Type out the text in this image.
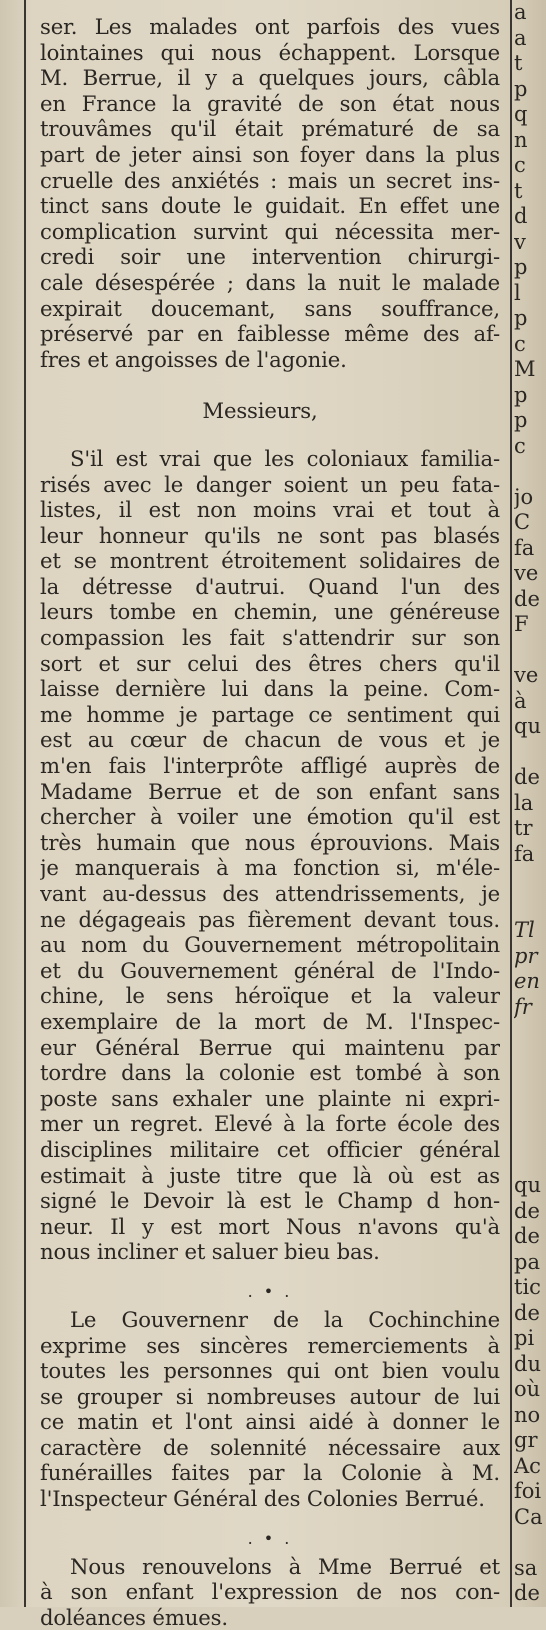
ser. Les malades ont parfois des vues
lointaines qui nous échappent. Lorsque
M. Berrue, il y a quelques jours, câbla
en France la gravité de son état nous
trouvâmes qu'il était prématuré de sa
part de jeter ainsi son foyer dans la plus
cruelle des anxiétés : mais un secret ins-
tinct sans doute le guidait. En effet une
complication survint qui nécessita mer-
credi soir une intervention chirurgi-
cale désespérée ; dans la nuit le malade
expirait doucemant, sans souffrance,
préservé par en faiblesse même des af-
fres et angoisses de l'agonie.
Messieurs,
S'il est vrai que les coloniaux familia-
risés avec le danger soient un peu fata-
listes, il est non moins vrai et tout à
leur honneur qu'ils ne sont pas blasés
et se montrent étroitement solidaires de
la détresse d'autrui. Quand l'un des
leurs tombe en chemin, une généreuse
compassion les fait s'attendrir sur son
sort et sur celui des êtres chers qu'il
laisse dernière lui dans la peine. Com-
me homme je partage ce sentiment qui
est au cœur de chacun de vous et je
m'en fais l'interprôte affligé auprès de
Madame Berrue et de son enfant sans
chercher à voiler une émotion qu'il est
très humain que nous éprouvions. Mais
je manquerais à ma fonction si, m'éle-
vant au-dessus des attendrissements, je
ne dégageais pas fièrement devant tous.
au nom du Gouvernement métropolitain
et du Gouvernement général de l'Indo-
chine, le sens héroïque et la valeur
exemplaire de la mort de M. l'Inspec-
eur Général Berrue qui maintenu par
tordre dans la colonie est tombé à son
poste sans exhaler une plainte ni expri-
mer un regret. Elevé à la forte école des
disciplines militaire cet officier général
estimait à juste titre que là où est as
signé le Devoir là est le Champ d hon-
neur. Il y est mort Nous n'avons qu'à
nous incliner et saluer bieu bas.
. • .
Le Gouvernenr de la Cochinchine
exprime ses sincères remerciements à
toutes les personnes qui ont bien voulu
se grouper si nombreuses autour de lui
ce matin et l'ont ainsi aidé à donner le
caractère de solennité nécessaire aux
funérailles faites par la Colonie à M.
l'Inspecteur Général des Colonies Berrué.
. • .
Nous renouvelons à Mme Berrué et
à son enfant l'expression de nos con-
doléances émues.
a
a
t
p
q
n
c
t
d
v
p
l
p
c
M
p
p
c

jo
C
fa
ve
de
F

ve
à
qu

de
la
tr
fa

Tl
pr
en
fr

qu
de
de
pa
tic
de
pi
du
où
no
gr
Ac
foi
Ca

sa
de
